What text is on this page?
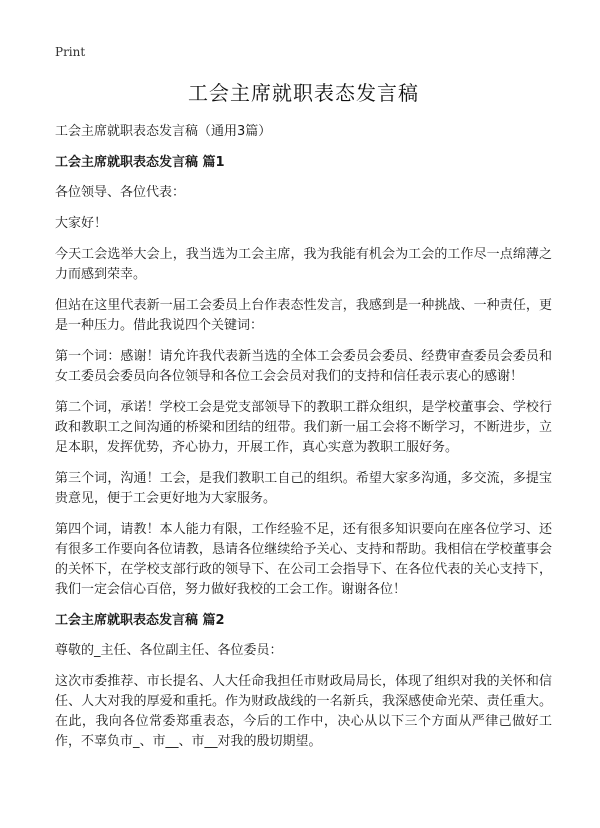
Print
工会主席就职表态发言稿

工会主席就职表态发言稿（通用3篇）

工会主席就职表态发言稿 篇1

各位领导、各位代表：

大家好！

今天工会选举大会上，我当选为工会主席，我为我能有机会为工会的工作尽一点绵薄之力而感到荣幸。

但站在这里代表新一届工会委员上台作表态性发言，我感到是一种挑战、一种责任，更是一种压力。借此我说四个关键词：

第一个词：感谢！请允许我代表新当选的全体工会委员会委员、经费审查委员会委员和女工委员会委员向各位领导和各位工会会员对我们的支持和信任表示衷心的感谢！

第二个词，承诺！学校工会是党支部领导下的教职工群众组织，是学校董事会、学校行政和教职工之间沟通的桥梁和团结的纽带。我们新一届工会将不断学习，不断进步，立足本职，发挥优势，齐心协力，开展工作，真心实意为教职工服好务。

第三个词，沟通！工会，是我们教职工自己的组织。希望大家多沟通，多交流，多提宝贵意见，便于工会更好地为大家服务。

第四个词，请教！本人能力有限，工作经验不足，还有很多知识要向在座各位学习、还有很多工作要向各位请教，恳请各位继续给予关心、支持和帮助。我相信在学校董事会的关怀下，在学校支部行政的领导下、在公司工会指导下、在各位代表的关心支持下，我们一定会信心百倍，努力做好我校的工会工作。谢谢各位！

工会主席就职表态发言稿 篇2

尊敬的_主任、各位副主任、各位委员：

这次市委推荐、市长提名、人大任命我担任市财政局局长，体现了组织对我的关怀和信任、人大对我的厚爱和重托。作为财政战线的一名新兵，我深感使命光荣、责任重大。在此，我向各位常委郑重表态，今后的工作中，决心从以下三个方面从严律己做好工作，不辜负市_、市__、市__对我的殷切期望。
